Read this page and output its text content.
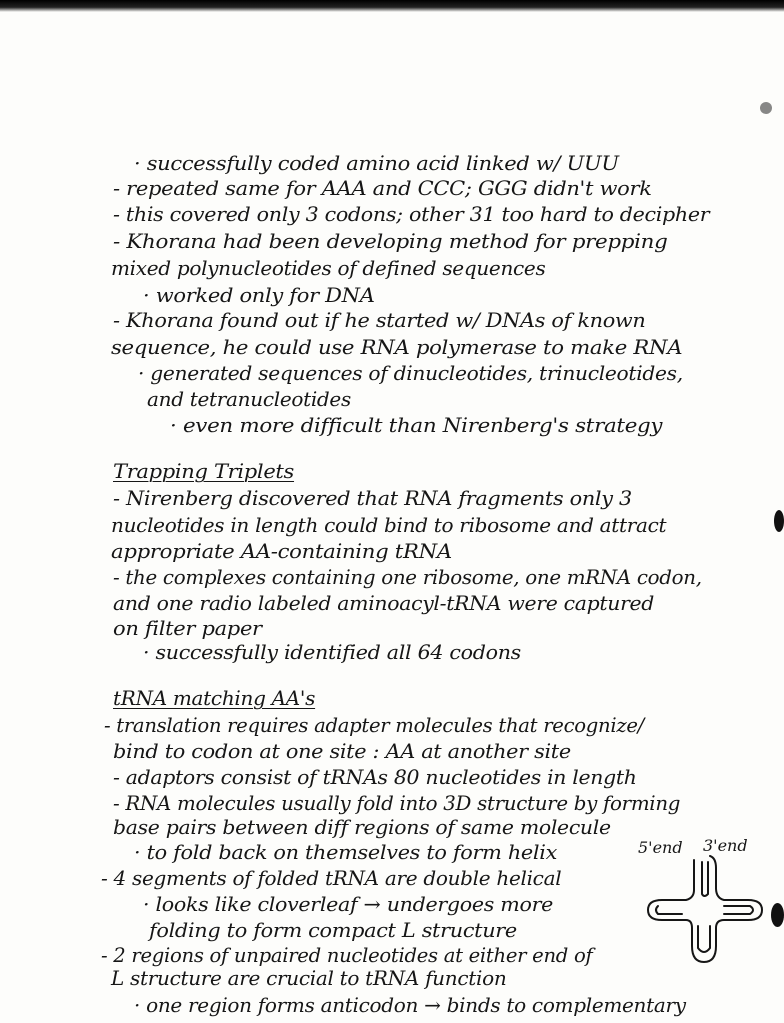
· successfully coded amino acid linked w/ UUU
- repeated same for AAA and CCC; GGG didn't work
- this covered only 3 codons; other 31 too hard to decipher
- Khorana had been developing method for prepping
mixed polynucleotides of defined sequences
· worked only for DNA
- Khorana found out if he started w/ DNAs of known
sequence, he could use RNA polymerase to make RNA
· generated sequences of dinucleotides, trinucleotides,
and tetranucleotides
· even more difficult than Nirenberg's strategy
Trapping Triplets
- Nirenberg discovered that RNA fragments only 3
nucleotides in length could bind to ribosome and attract
appropriate AA-containing tRNA
- the complexes containing one ribosome, one mRNA codon,
and one radio labeled aminoacyl-tRNA were captured
on filter paper
· successfully identified all 64 codons
tRNA matching AA's
- translation requires adapter molecules that recognize/
bind to codon at one site : AA at another site
- adaptors consist of tRNAs 80 nucleotides in length
- RNA molecules usually fold into 3D structure by forming
base pairs between diff regions of same molecule
· to fold back on themselves to form helix
- 4 segments of folded tRNA are double helical
· looks like cloverleaf → undergoes more
folding to form compact L structure
- 2 regions of unpaired nucleotides at either end of
L structure are crucial to tRNA function
· one region forms anticodon → binds to complementary
5'end 3'end
